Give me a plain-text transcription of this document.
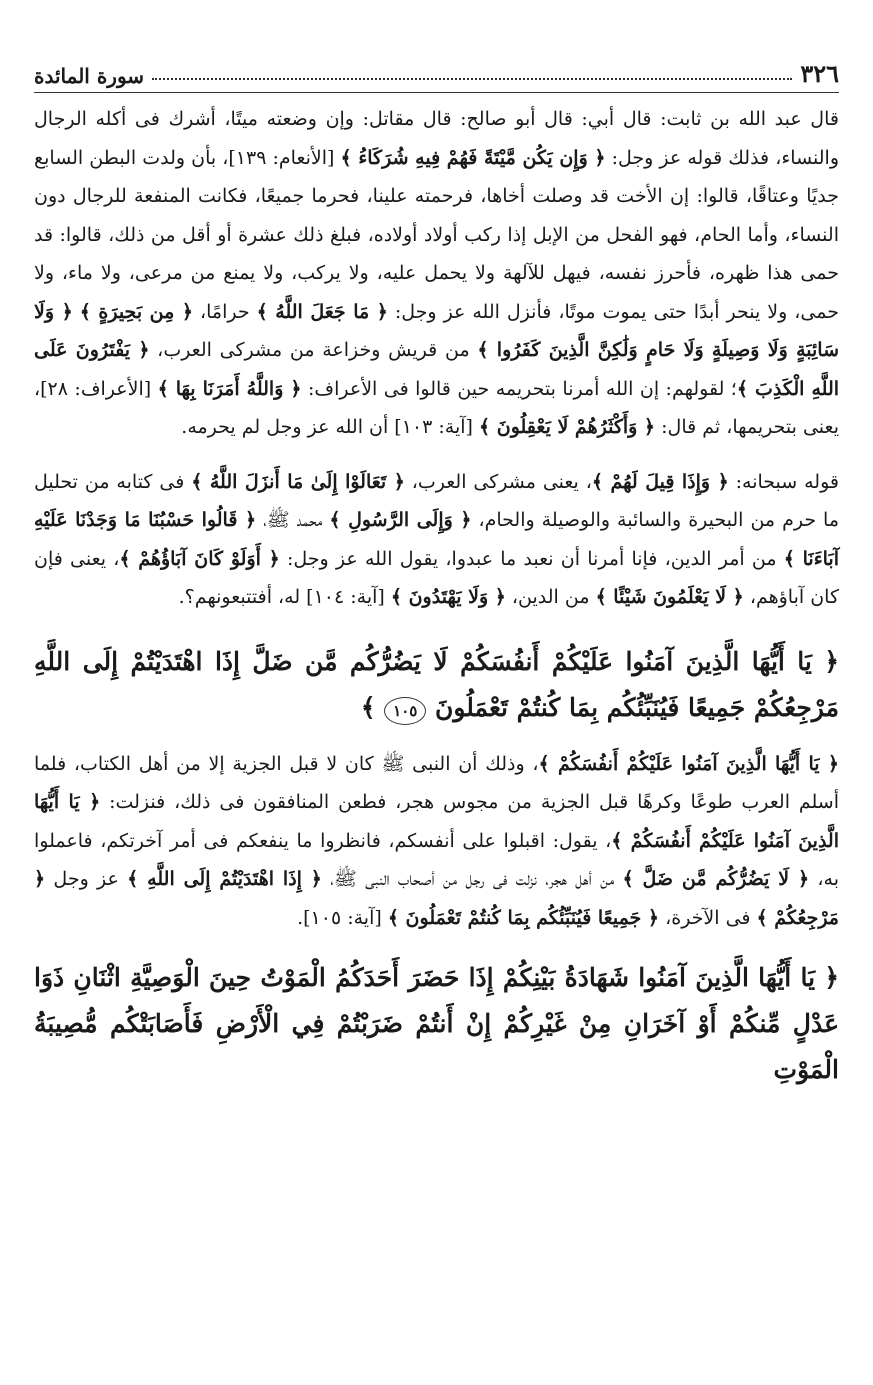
٣٢٦
سورة المائدة

قال عبد الله بن ثابت: قال أبي: قال أبو صالح: قال مقاتل: وإن وضعته ميتًا، أشرك فى أكله الرجال والنساء، فذلك قوله عز وجل: ﴿ وَإِن يَكُن مَّيْتَةً فَهُمْ فِيهِ شُرَكَاءُ ﴾ [الأنعام: ١٣٩]، بأن ولدت البطن السابع جديًا وعتاقًا، قالوا: إن الأخت قد وصلت أخاها، فرحمته علينا، فحرما جميعًا، فكانت المنفعة للرجال دون النساء، وأما الحام، فهو الفحل من الإبل إذا ركب أولاد أولاده، فبلغ ذلك عشرة أو أقل من ذلك، قالوا: قد حمى هذا ظهره، فأحرز نفسه، فيهل للآلهة ولا يحمل عليه، ولا يركب، ولا يمنع من مرعى، ولا ماء، ولا حمى، ولا ينحر أبدًا حتى يموت موتًا، فأنزل الله عز وجل: ﴿ مَا جَعَلَ اللَّهُ ﴾ حرامًا، ﴿ مِن بَحِيرَةٍ ﴾ ﴿ وَلَا سَائِبَةٍ وَلَا وَصِيلَةٍ وَلَا حَامٍ وَلَٰكِنَّ الَّذِينَ كَفَرُوا ﴾ من قريش وخزاعة من مشركى العرب، ﴿ يَفْتَرُونَ عَلَى اللَّهِ الْكَذِبَ ﴾؛ لقولهم: إن الله أمرنا بتحريمه حين قالوا فى الأعراف: ﴿ وَاللَّهُ أَمَرَنَا بِهَا ﴾ [الأعراف: ٢٨]، يعنى بتحريمها، ثم قال: ﴿ وَأَكْثَرُهُمْ لَا يَعْقِلُونَ ﴾ [آية: ١٠٣] أن الله عز وجل لم يحرمه.

قوله سبحانه: ﴿ وَإِذَا قِيلَ لَهُمْ ﴾، يعنى مشركى العرب، ﴿ تَعَالَوْا إِلَىٰ مَا أَنزَلَ اللَّهُ ﴾ فى كتابه من تحليل ما حرم من البحيرة والسائبة والوصيلة والحام، ﴿ وَإِلَى الرَّسُولِ ﴾ محمد ﷺ، ﴿ قَالُوا حَسْبُنَا مَا وَجَدْنَا عَلَيْهِ آبَاءَنَا ﴾ من أمر الدين، فإنا أمرنا أن نعبد ما عبدوا، يقول الله عز وجل: ﴿ أَوَلَوْ كَانَ آبَاؤُهُمْ ﴾، يعنى فإن كان آباؤهم، ﴿ لَا يَعْلَمُونَ شَيْئًا ﴾ من الدين، ﴿ وَلَا يَهْتَدُونَ ﴾ [آية: ١٠٤] له، أفتتبعونهم؟.

﴿ يَا أَيُّهَا الَّذِينَ آمَنُوا عَلَيْكُمْ أَنفُسَكُمْ لَا يَضُرُّكُم مَّن ضَلَّ إِذَا اهْتَدَيْتُمْ إِلَى اللَّهِ مَرْجِعُكُمْ جَمِيعًا فَيُنَبِّئُكُم بِمَا كُنتُمْ تَعْمَلُونَ ١٠٥ ﴾

﴿ يَا أَيُّهَا الَّذِينَ آمَنُوا عَلَيْكُمْ أَنفُسَكُمْ ﴾، وذلك أن النبى ﷺ كان لا قبل الجزية إلا من أهل الكتاب، فلما أسلم العرب طوعًا وكرهًا قبل الجزية من مجوس هجر، فطعن المنافقون فى ذلك، فنزلت: ﴿ يَا أَيُّهَا الَّذِينَ آمَنُوا عَلَيْكُمْ أَنفُسَكُمْ ﴾، يقول: اقبلوا على أنفسكم، فانظروا ما ينفعكم فى أمر آخرتكم، فاعملوا به، ﴿ لَا يَضُرُّكُم مَّن ضَلَّ ﴾ من أهل هجر، نزلت فى رجل من أصحاب النبى ﷺ، ﴿ إِذَا اهْتَدَيْتُمْ إِلَى اللَّهِ ﴾ عز وجل ﴿ مَرْجِعُكُمْ ﴾ فى الآخرة، ﴿ جَمِيعًا فَيُنَبِّئُكُم بِمَا كُنتُمْ تَعْمَلُونَ ﴾ [آية: ١٠٥].

﴿ يَا أَيُّهَا الَّذِينَ آمَنُوا شَهَادَةُ بَيْنِكُمْ إِذَا حَضَرَ أَحَدَكُمُ الْمَوْتُ حِينَ الْوَصِيَّةِ اثْنَانِ ذَوَا عَدْلٍ مِّنكُمْ أَوْ آخَرَانِ مِنْ غَيْرِكُمْ إِنْ أَنتُمْ ضَرَبْتُمْ فِي الْأَرْضِ فَأَصَابَتْكُم مُّصِيبَةُ الْمَوْتِ
